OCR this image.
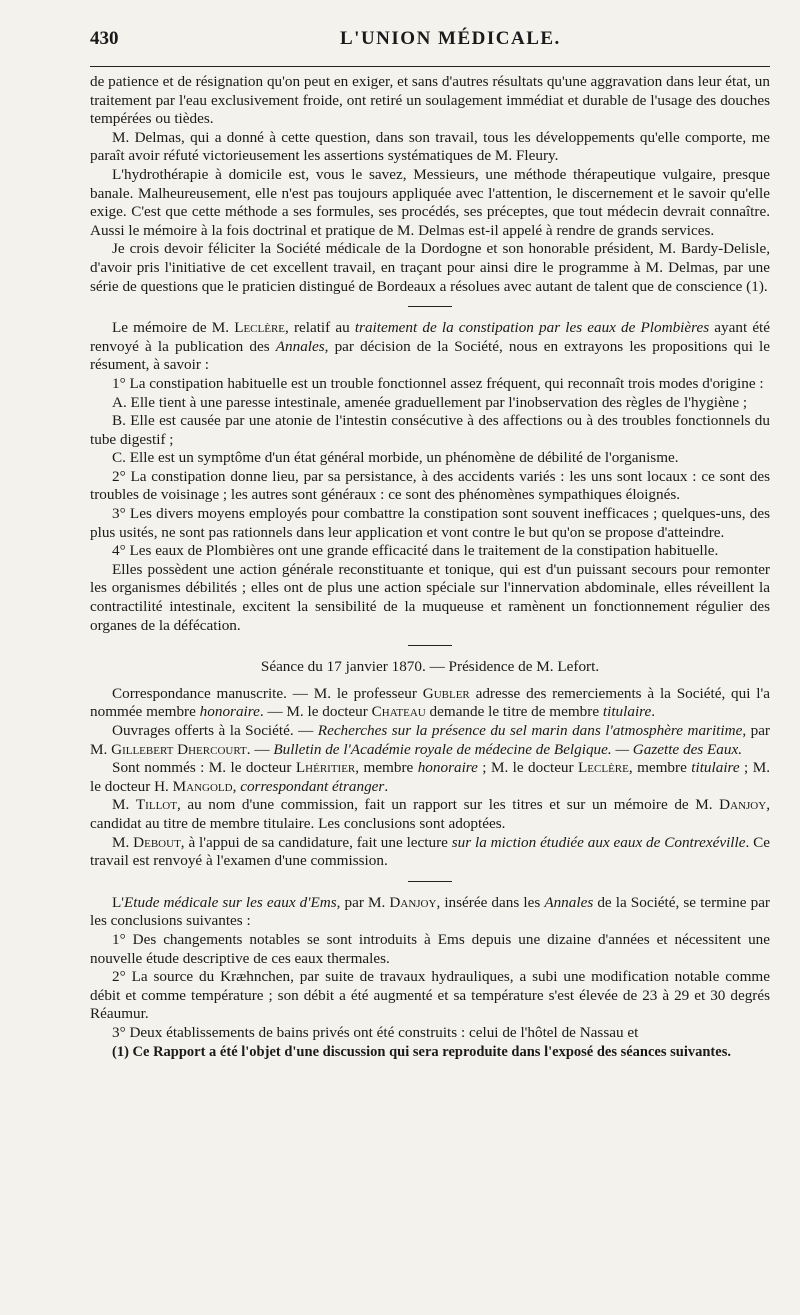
430	L'UNION MÉDICALE.

de patience et de résignation qu'on peut en exiger, et sans d'autres résultats qu'une aggravation dans leur état, un traitement par l'eau exclusivement froide, ont retiré un soulagement immédiat et durable de l'usage des douches tempérées ou tièdes.

M. Delmas, qui a donné à cette question, dans son travail, tous les développements qu'elle comporte, me paraît avoir réfuté victorieusement les assertions systématiques de M. Fleury.

L'hydrothérapie à domicile est, vous le savez, Messieurs, une méthode thérapeutique vulgaire, presque banale. Malheureusement, elle n'est pas toujours appliquée avec l'attention, le discernement et le savoir qu'elle exige. C'est que cette méthode a ses formules, ses procédés, ses préceptes, que tout médecin devrait connaître. Aussi le mémoire à la fois doctrinal et pratique de M. Delmas est-il appelé à rendre de grands services.

Je crois devoir féliciter la Société médicale de la Dordogne et son honorable président, M. Bardy-Delisle, d'avoir pris l'initiative de cet excellent travail, en traçant pour ainsi dire le programme à M. Delmas, par une série de questions que le praticien distingué de Bordeaux a résolues avec autant de talent que de conscience (1).

Le mémoire de M. Leclère, relatif au traitement de la constipation par les eaux de Plombières ayant été renvoyé à la publication des Annales, par décision de la Société, nous en extrayons les propositions qui le résument, à savoir :

1° La constipation habituelle est un trouble fonctionnel assez fréquent, qui reconnaît trois modes d'origine :

A. Elle tient à une paresse intestinale, amenée graduellement par l'inobservation des règles de l'hygiène ;

B. Elle est causée par une atonie de l'intestin consécutive à des affections ou à des troubles fonctionnels du tube digestif ;

C. Elle est un symptôme d'un état général morbide, un phénomène de débilité de l'organisme.

2° La constipation donne lieu, par sa persistance, à des accidents variés : les uns sont locaux : ce sont des troubles de voisinage ; les autres sont généraux : ce sont des phénomènes sympathiques éloignés.

3° Les divers moyens employés pour combattre la constipation sont souvent inefficaces ; quelques-uns, des plus usités, ne sont pas rationnels dans leur application et vont contre le but qu'on se propose d'atteindre.

4° Les eaux de Plombières ont une grande efficacité dans le traitement de la constipation habituelle.

Elles possèdent une action générale reconstituante et tonique, qui est d'un puissant secours pour remonter les organismes débilités ; elles ont de plus une action spéciale sur l'innervation abdominale, elles réveillent la contractilité intestinale, excitent la sensibilité de la muqueuse et ramènent un fonctionnement régulier des organes de la défécation.

Séance du 17 janvier 1870. — Présidence de M. Lefort.

Correspondance manuscrite. — M. le professeur Gubler adresse des remerciements à la Société, qui l'a nommée membre honoraire. — M. le docteur Chateau demande le titre de membre titulaire.

Ouvrages offerts à la Société. — Recherches sur la présence du sel marin dans l'atmosphère maritime, par M. Gillebert Dhercourt. — Bulletin de l'Académie royale de médecine de Belgique. — Gazette des Eaux.

Sont nommés : M. le docteur Lhéritier, membre honoraire ; M. le docteur Leclère, membre titulaire ; M. le docteur H. Mangold, correspondant étranger.

M. Tillot, au nom d'une commission, fait un rapport sur les titres et sur un mémoire de M. Danjoy, candidat au titre de membre titulaire. Les conclusions sont adoptées.

M. Debout, à l'appui de sa candidature, fait une lecture sur la miction étudiée aux eaux de Contrexéville. Ce travail est renvoyé à l'examen d'une commission.

L'Etude médicale sur les eaux d'Ems, par M. Danjoy, insérée dans les Annales de la Société, se termine par les conclusions suivantes :

1° Des changements notables se sont introduits à Ems depuis une dizaine d'années et nécessitent une nouvelle étude descriptive de ces eaux thermales.

2° La source du Kræhnchen, par suite de travaux hydrauliques, a subi une modification notable comme débit et comme température ; son débit a été augmenté et sa température s'est élevée de 23 à 29 et 30 degrés Réaumur.

3° Deux établissements de bains privés ont été construits : celui de l'hôtel de Nassau et

(1) Ce Rapport a été l'objet d'une discussion qui sera reproduite dans l'exposé des séances suivantes.
